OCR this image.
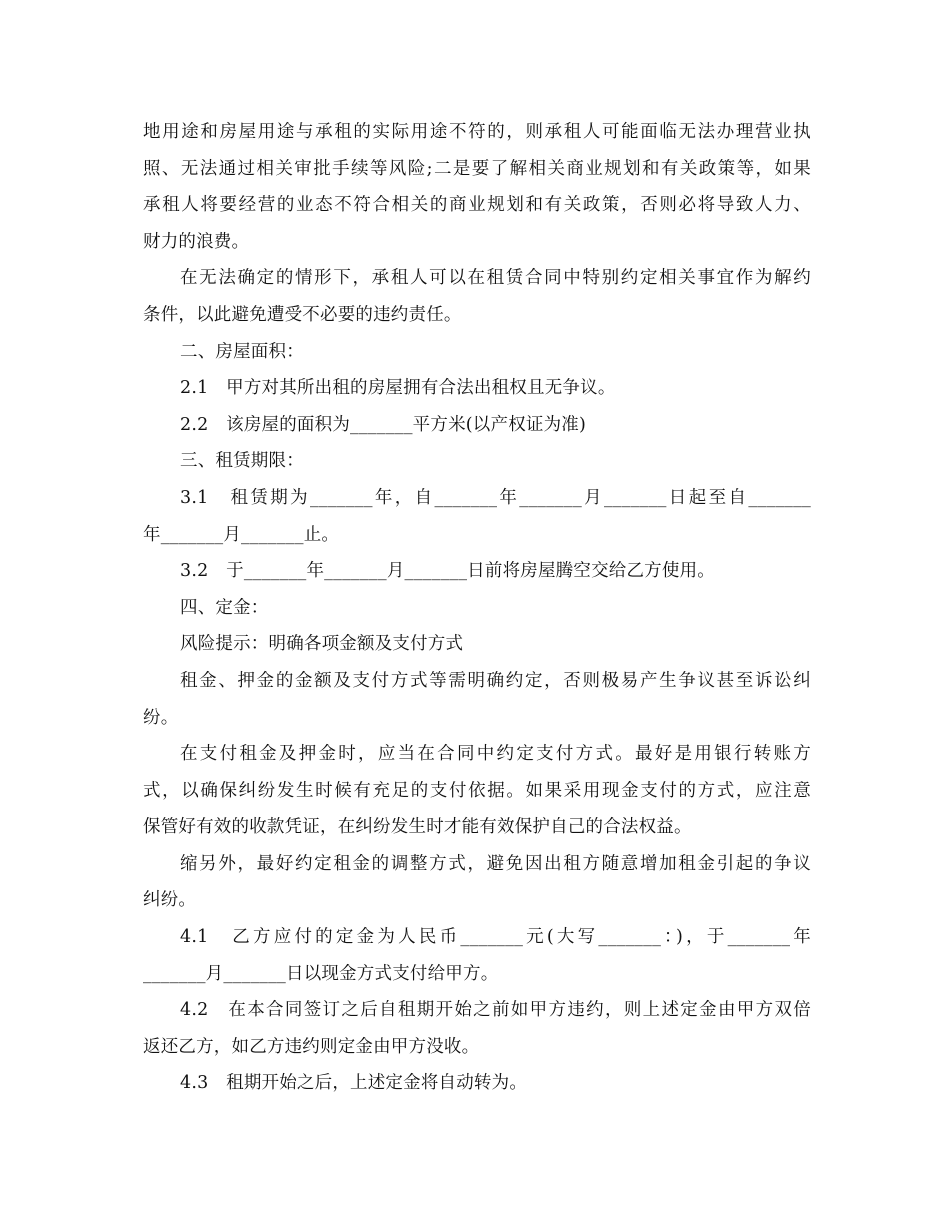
地用途和房屋用途与承租的实际用途不符的，则承租人可能面临无法办理营业执
照、无法通过相关审批手续等风险;二是要了解相关商业规划和有关政策等，如果
承租人将要经营的业态不符合相关的商业规划和有关政策，否则必将导致人力、
财力的浪费。
在无法确定的情形下，承租人可以在租赁合同中特别约定相关事宜作为解约
条件，以此避免遭受不必要的违约责任。
二、房屋面积：
2.1　甲方对其所出租的房屋拥有合法出租权且无争议。
2.2　该房屋的面积为_______平方米(以产权证为准)
三、租赁期限：
3.1　租赁期为_______年，自_______年_______月_______日起至自_______
年_______月_______止。
3.2　于_______年_______月_______日前将房屋腾空交给乙方使用。
四、定金：
风险提示：明确各项金额及支付方式
租金、押金的金额及支付方式等需明确约定，否则极易产生争议甚至诉讼纠
纷。
在支付租金及押金时，应当在合同中约定支付方式。最好是用银行转账方
式，以确保纠纷发生时候有充足的支付依据。如果采用现金支付的方式，应注意
保管好有效的收款凭证，在纠纷发生时才能有效保护自己的合法权益。
缩另外，最好约定租金的调整方式，避免因出租方随意增加租金引起的争议
纠纷。
4.1　乙方应付的定金为人民币_______元(大写_______：)，于_______年
_______月_______日以现金方式支付给甲方。
4.2　在本合同签订之后自租期开始之前如甲方违约，则上述定金由甲方双倍
返还乙方，如乙方违约则定金由甲方没收。
4.3　租期开始之后，上述定金将自动转为。
